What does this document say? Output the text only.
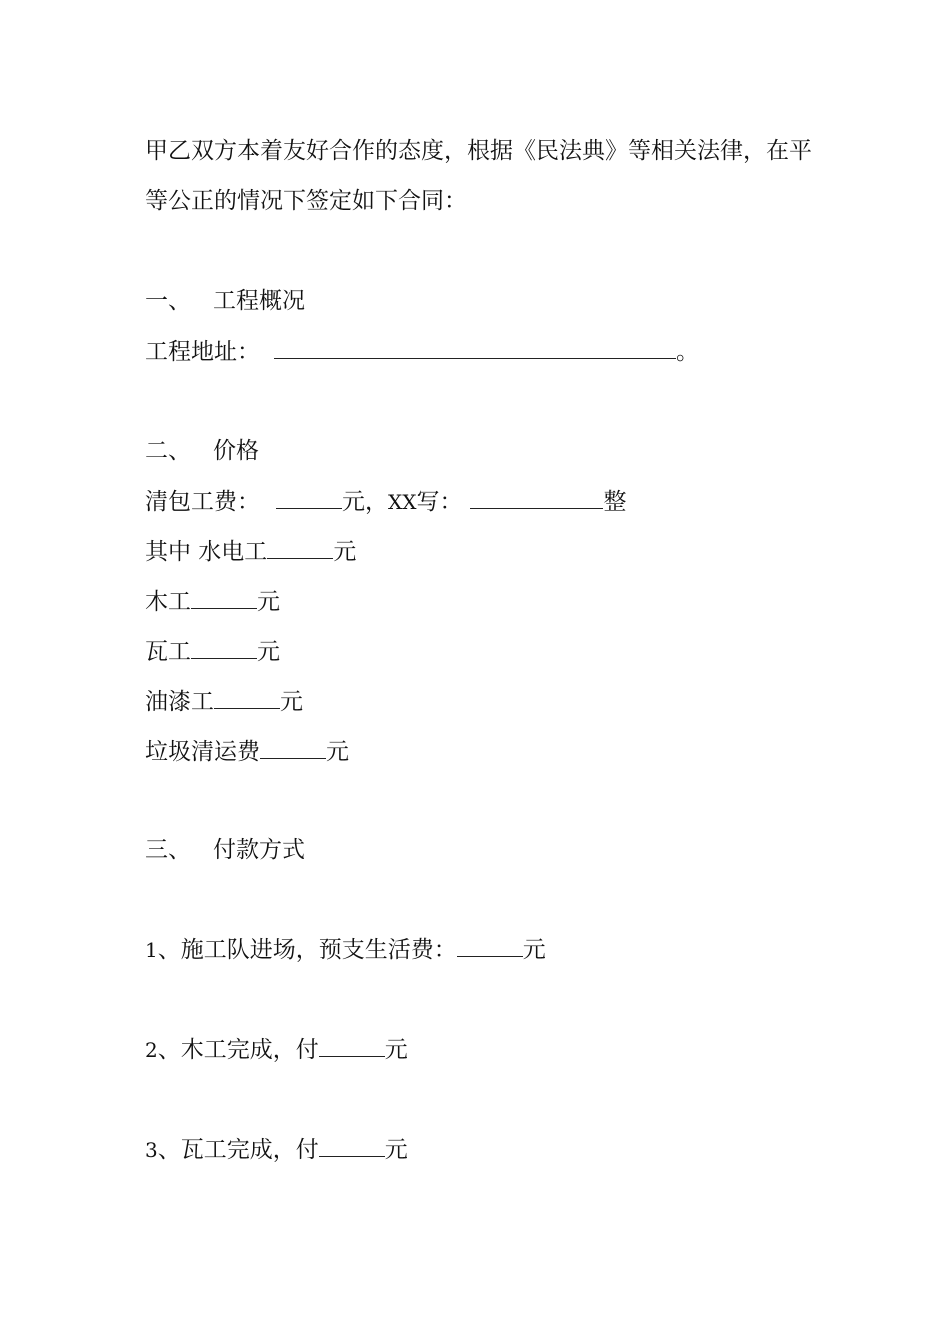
甲乙双方本着友好合作的态度，根据《民法典》等相关法律，在平
等公正的情况下签定如下合同：
一、 工程概况
工程地址：	。
二、 价格
清包工费：	元，XX写：	整
其中 水电工	元
木工	元
瓦工	元
油漆工	元
垃圾清运费	元
三、 付款方式
1、施工队进场，预支生活费：	元
2、木工完成，付	元
3、瓦工完成，付	元
